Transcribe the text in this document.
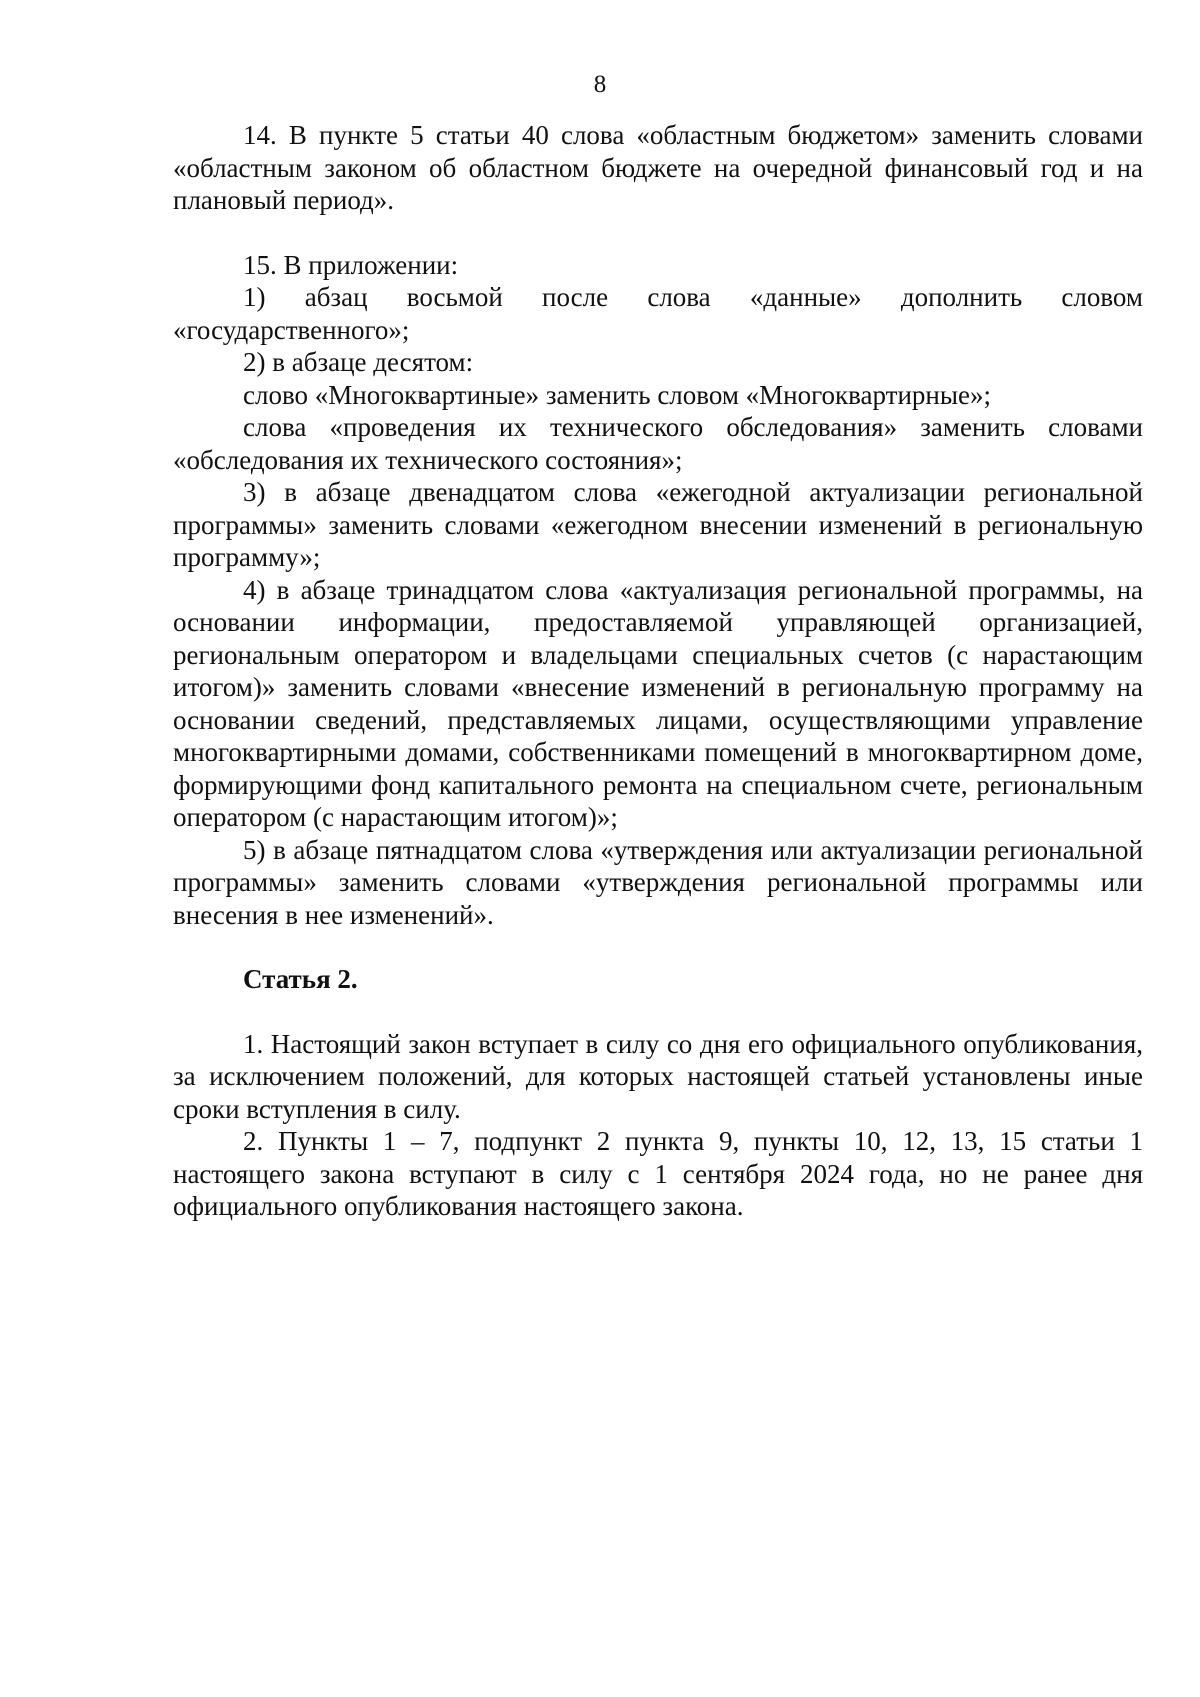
8

14. В пункте 5 статьи 40 слова «областным бюджетом» заменить словами «областным законом об областном бюджете на очередной финансовый год и на плановый период».

15. В приложении:

1) абзац восьмой после слова «данные» дополнить словом «государственного»;

2) в абзаце десятом:

слово «Многоквартиные» заменить словом «Многоквартирные»;

слова «проведения их технического обследования» заменить словами «обследования их технического состояния»;

3) в абзаце двенадцатом слова «ежегодной актуализации региональной программы» заменить словами «ежегодном внесении изменений в региональную программу»;

4) в абзаце тринадцатом слова «актуализация региональной программы, на основании информации, предоставляемой управляющей организацией, региональным оператором и владельцами специальных счетов (с нарастающим итогом)» заменить словами «внесение изменений в региональную программу на основании сведений, представляемых лицами, осуществляющими управление многоквартирными домами, собственниками помещений в многоквартирном доме, формирующими фонд капитального ремонта на специальном счете, региональным оператором (с нарастающим итогом)»;

5) в абзаце пятнадцатом слова «утверждения или актуализации региональной программы» заменить словами «утверждения региональной программы или внесения в нее изменений».

Статья 2.

1. Настоящий закон вступает в силу со дня его официального опубликования, за исключением положений, для которых настоящей статьей установлены иные сроки вступления в силу.

2. Пункты 1 – 7, подпункт 2 пункта 9, пункты 10, 12, 13, 15 статьи 1 настоящего закона вступают в силу с 1 сентября 2024 года, но не ранее дня официального опубликования настоящего закона.
